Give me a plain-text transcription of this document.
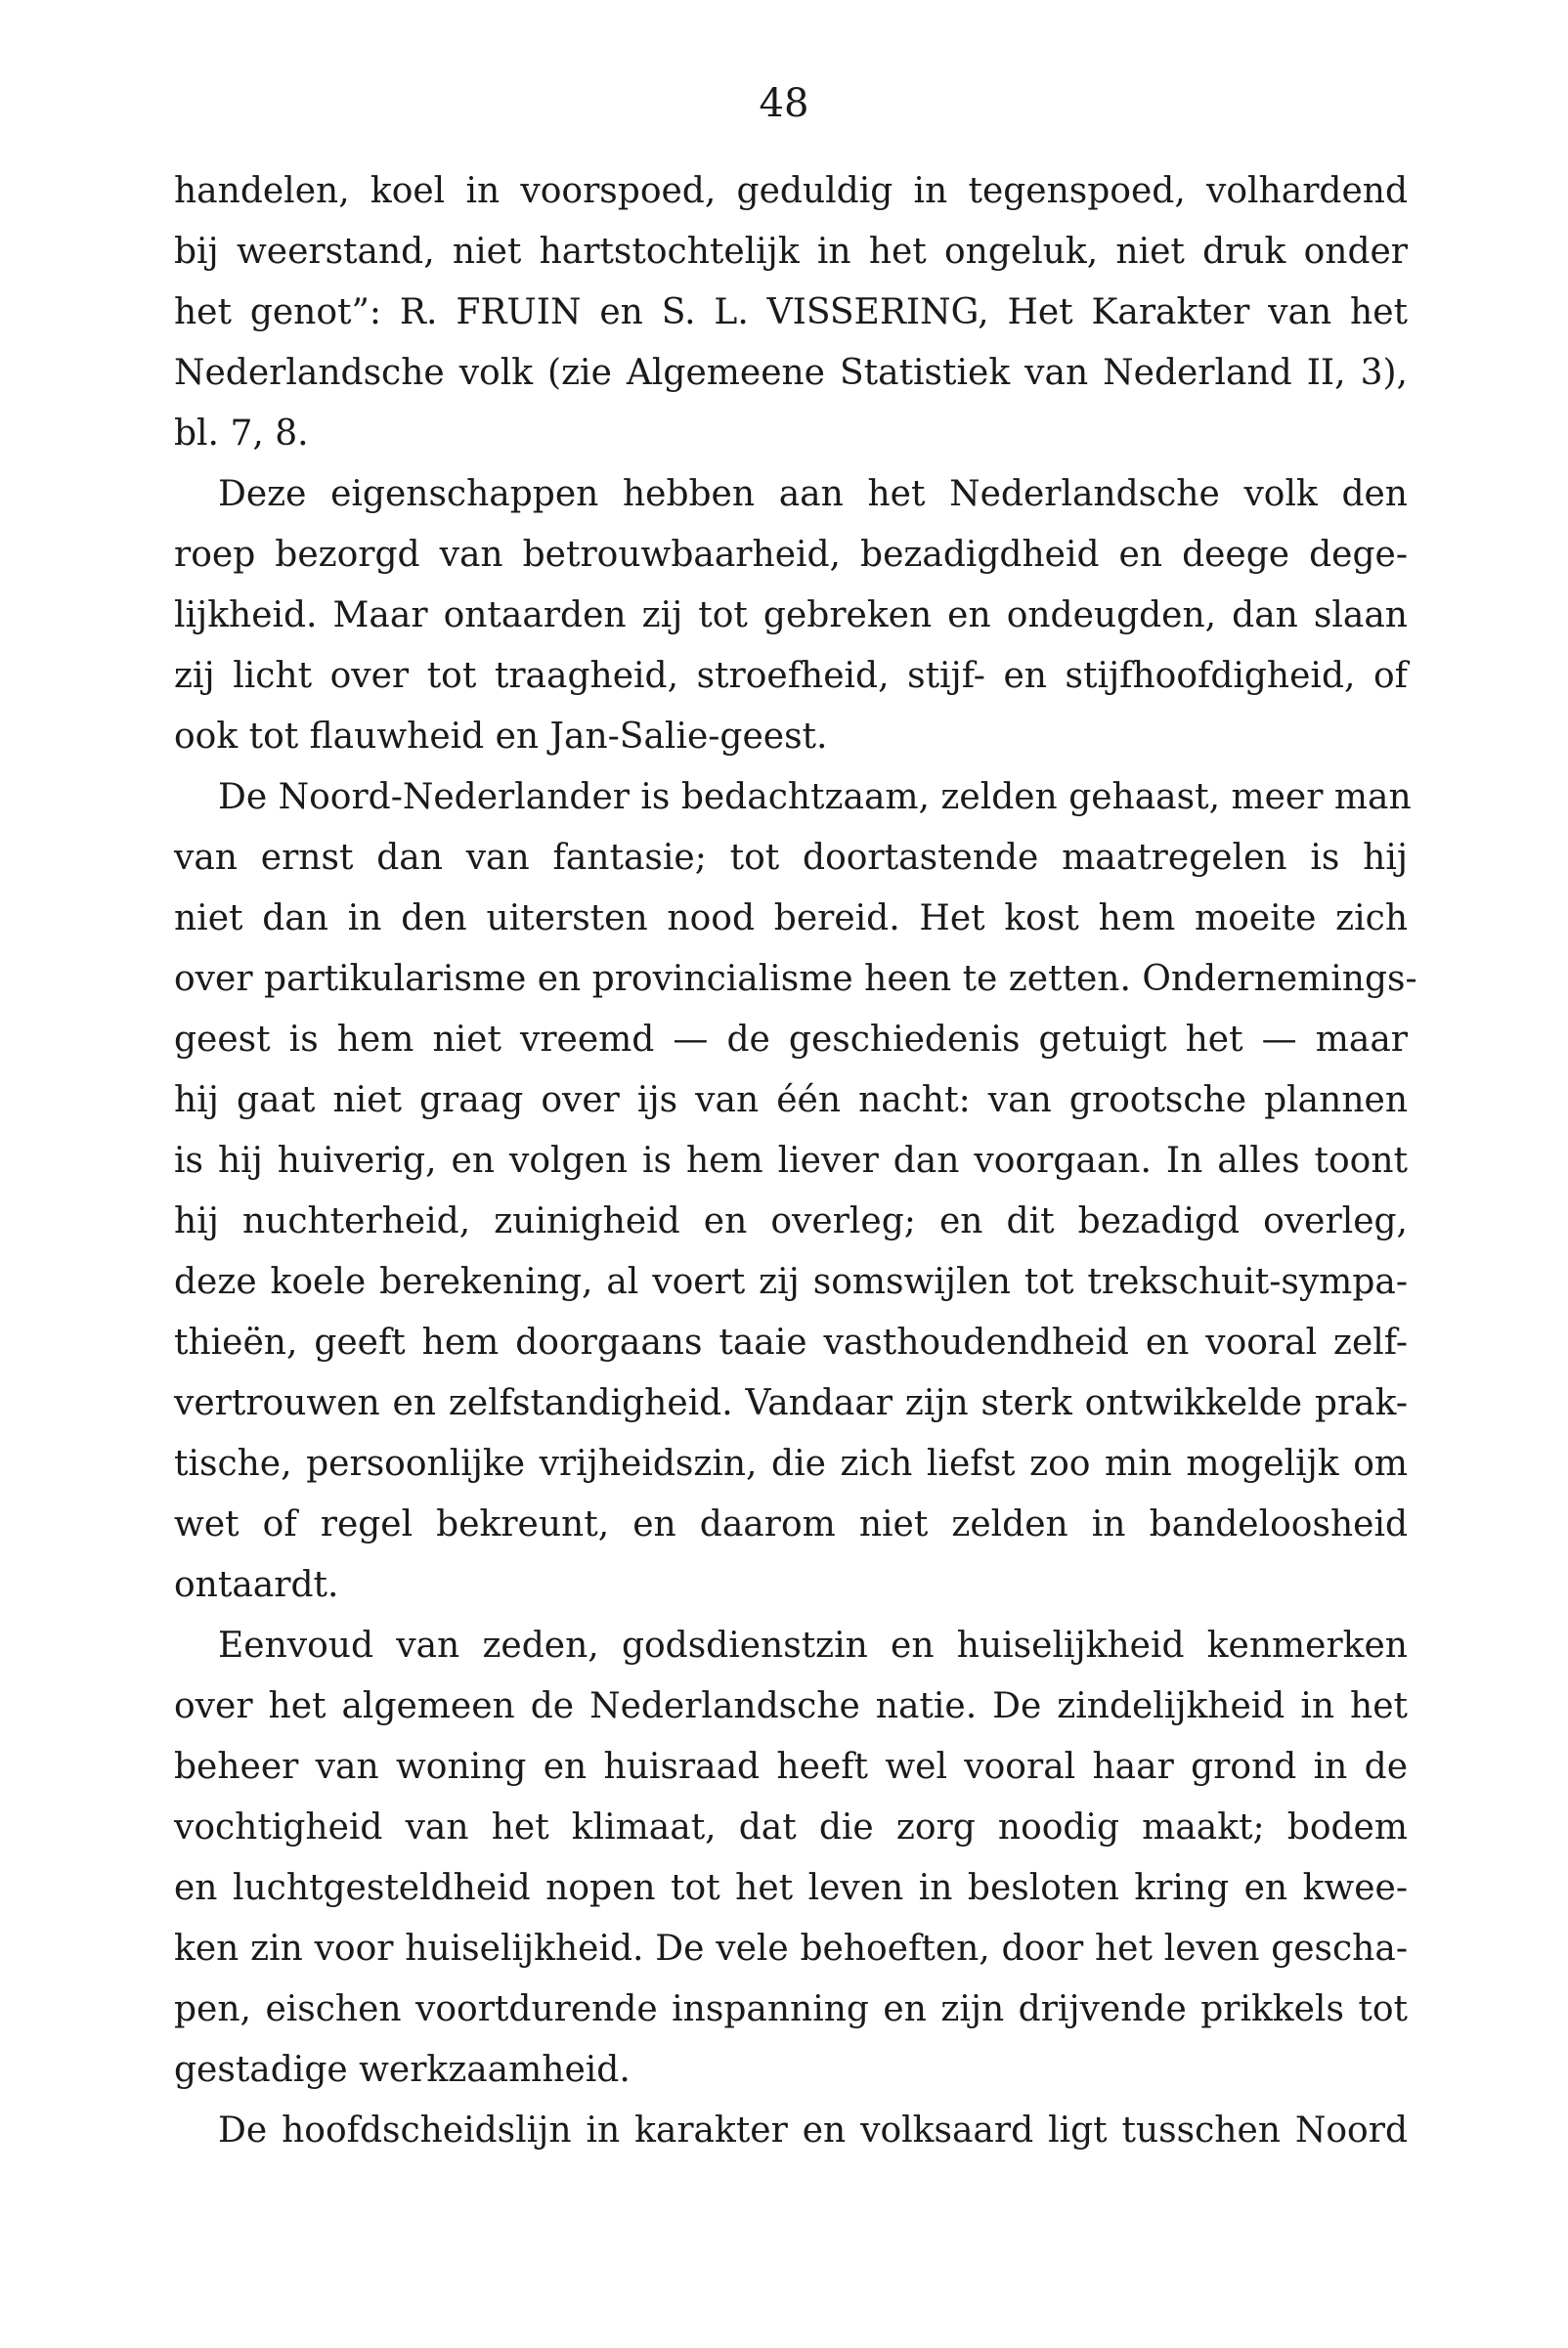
48
handelen, koel in voorspoed, geduldig in tegenspoed, volhardend
bij weerstand, niet hartstochtelijk in het ongeluk, niet druk onder
het genot”: R. FRUIN en S. L. VISSERING, Het Karakter van het
Nederlandsche volk (zie Algemeene Statistiek van Nederland II, 3),
bl. 7, 8.
Deze eigenschappen hebben aan het Nederlandsche volk den
roep bezorgd van betrouwbaarheid, bezadigdheid en deege dege-
lijkheid. Maar ontaarden zij tot gebreken en ondeugden, dan slaan
zij licht over tot traagheid, stroefheid, stijf- en stijfhoofdigheid, of
ook tot flauwheid en Jan-Salie-geest.
De Noord-Nederlander is bedachtzaam, zelden gehaast, meer man
van ernst dan van fantasie; tot doortastende maatregelen is hij
niet dan in den uitersten nood bereid. Het kost hem moeite zich
over partikularisme en provincialisme heen te zetten. Ondernemings-
geest is hem niet vreemd — de geschiedenis getuigt het — maar
hij gaat niet graag over ijs van één nacht: van grootsche plannen
is hij huiverig, en volgen is hem liever dan voorgaan. In alles toont
hij nuchterheid, zuinigheid en overleg; en dit bezadigd overleg,
deze koele berekening, al voert zij somswijlen tot trekschuit-sympa-
thieën, geeft hem doorgaans taaie vasthoudendheid en vooral zelf-
vertrouwen en zelfstandigheid. Vandaar zijn sterk ontwikkelde prak-
tische, persoonlijke vrijheidszin, die zich liefst zoo min mogelijk om
wet of regel bekreunt, en daarom niet zelden in bandeloosheid
ontaardt.
Eenvoud van zeden, godsdienstzin en huiselijkheid kenmerken
over het algemeen de Nederlandsche natie. De zindelijkheid in het
beheer van woning en huisraad heeft wel vooral haar grond in de
vochtigheid van het klimaat, dat die zorg noodig maakt; bodem
en luchtgesteldheid nopen tot het leven in besloten kring en kwee-
ken zin voor huiselijkheid. De vele behoeften, door het leven gescha-
pen, eischen voortdurende inspanning en zijn drijvende prikkels tot
gestadige werkzaamheid.
De hoofdscheidslijn in karakter en volksaard ligt tusschen Noord
